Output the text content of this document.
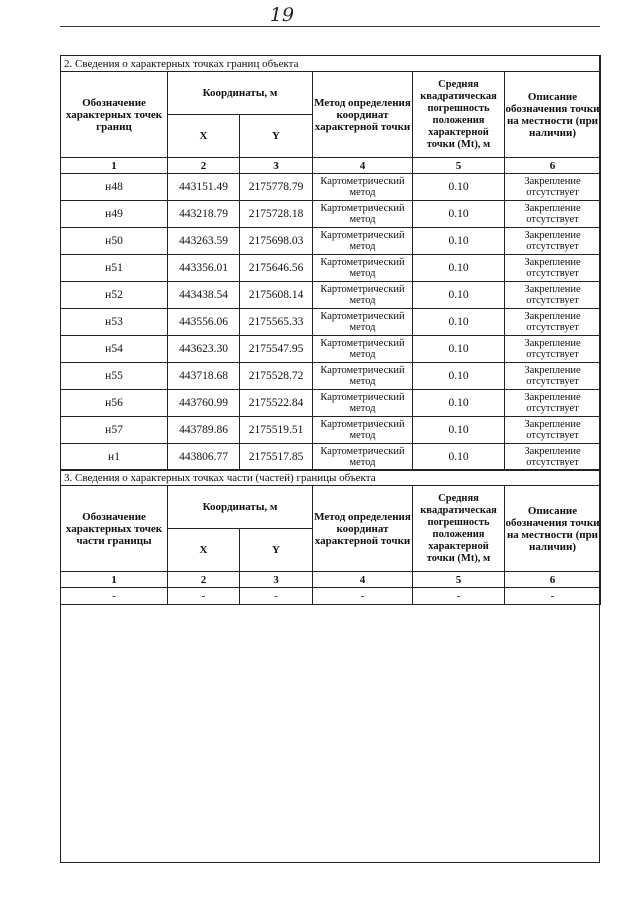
19
2. Сведения о характерных точках границ объекта					
Обозначение характерных точек границ	Координаты, м		Метод определения координат характерной точки	Средняя квадратическая погрешность положения характерной точки (Mt), м	Описание обозначения точки на местности (при наличии)
	X	Y			
1	2	3	4	5	6
н48	443151.49	2175778.79	Картометрический метод	0.10	Закрепление отсутствует
н49	443218.79	2175728.18	Картометрический метод	0.10	Закрепление отсутствует
н50	443263.59	2175698.03	Картометрический метод	0.10	Закрепление отсутствует
н51	443356.01	2175646.56	Картометрический метод	0.10	Закрепление отсутствует
н52	443438.54	2175608.14	Картометрический метод	0.10	Закрепление отсутствует
н53	443556.06	2175565.33	Картометрический метод	0.10	Закрепление отсутствует
н54	443623.30	2175547.95	Картометрический метод	0.10	Закрепление отсутствует
н55	443718.68	2175528.72	Картометрический метод	0.10	Закрепление отсутствует
н56	443760.99	2175522.84	Картометрический метод	0.10	Закрепление отсутствует
н57	443789.86	2175519.51	Картометрический метод	0.10	Закрепление отсутствует
н1	443806.77	2175517.85	Картометрический метод	0.10	Закрепление отсутствует
3. Сведения о характерных точках части (частей) границы объекта					
Обозначение характерных точек части границы	Координаты, м		Метод определения координат характерной точки	Средняя квадратическая погрешность положения характерной точки (Mt), м	Описание обозначения точки на местности (при наличии)
	X	Y			
1	2	3	4	5	6
-	-	-	-	-	-
